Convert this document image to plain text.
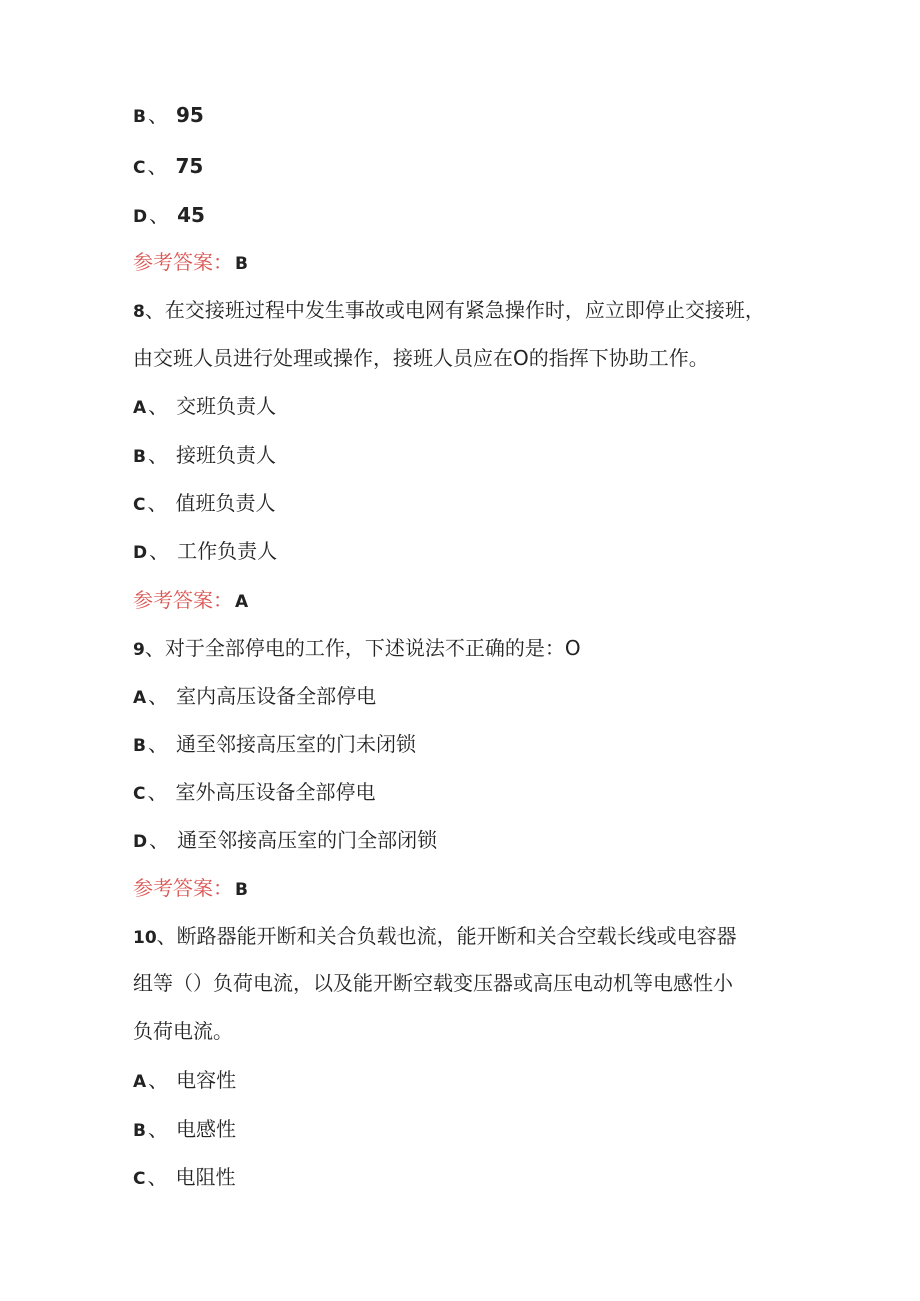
B 、 95
C 、 75
D 、 45
参考答案： B
8、在交接班过程中发生事故或电网有紧急操作时，应立即停止交接班，
由交班人员进行处理或操作，接班人员应在O的指挥下协助工作。
A 、 交班负责人
B 、 接班负责人
C 、 值班负责人
D 、 工作负责人
参考答案： A
9、对于全部停电的工作，下述说法不正确的是：O
A 、 室内高压设备全部停电
B 、 通至邻接高压室的门未闭锁
C 、 室外高压设备全部停电
D 、 通至邻接高压室的门全部闭锁
参考答案： B
10、断路器能开断和关合负载也流，能开断和关合空载长线或电容器
组等（）负荷电流，以及能开断空载变压器或高压电动机等电感性小
负荷电流。
A 、 电容性
B 、 电感性
C 、 电阻性
